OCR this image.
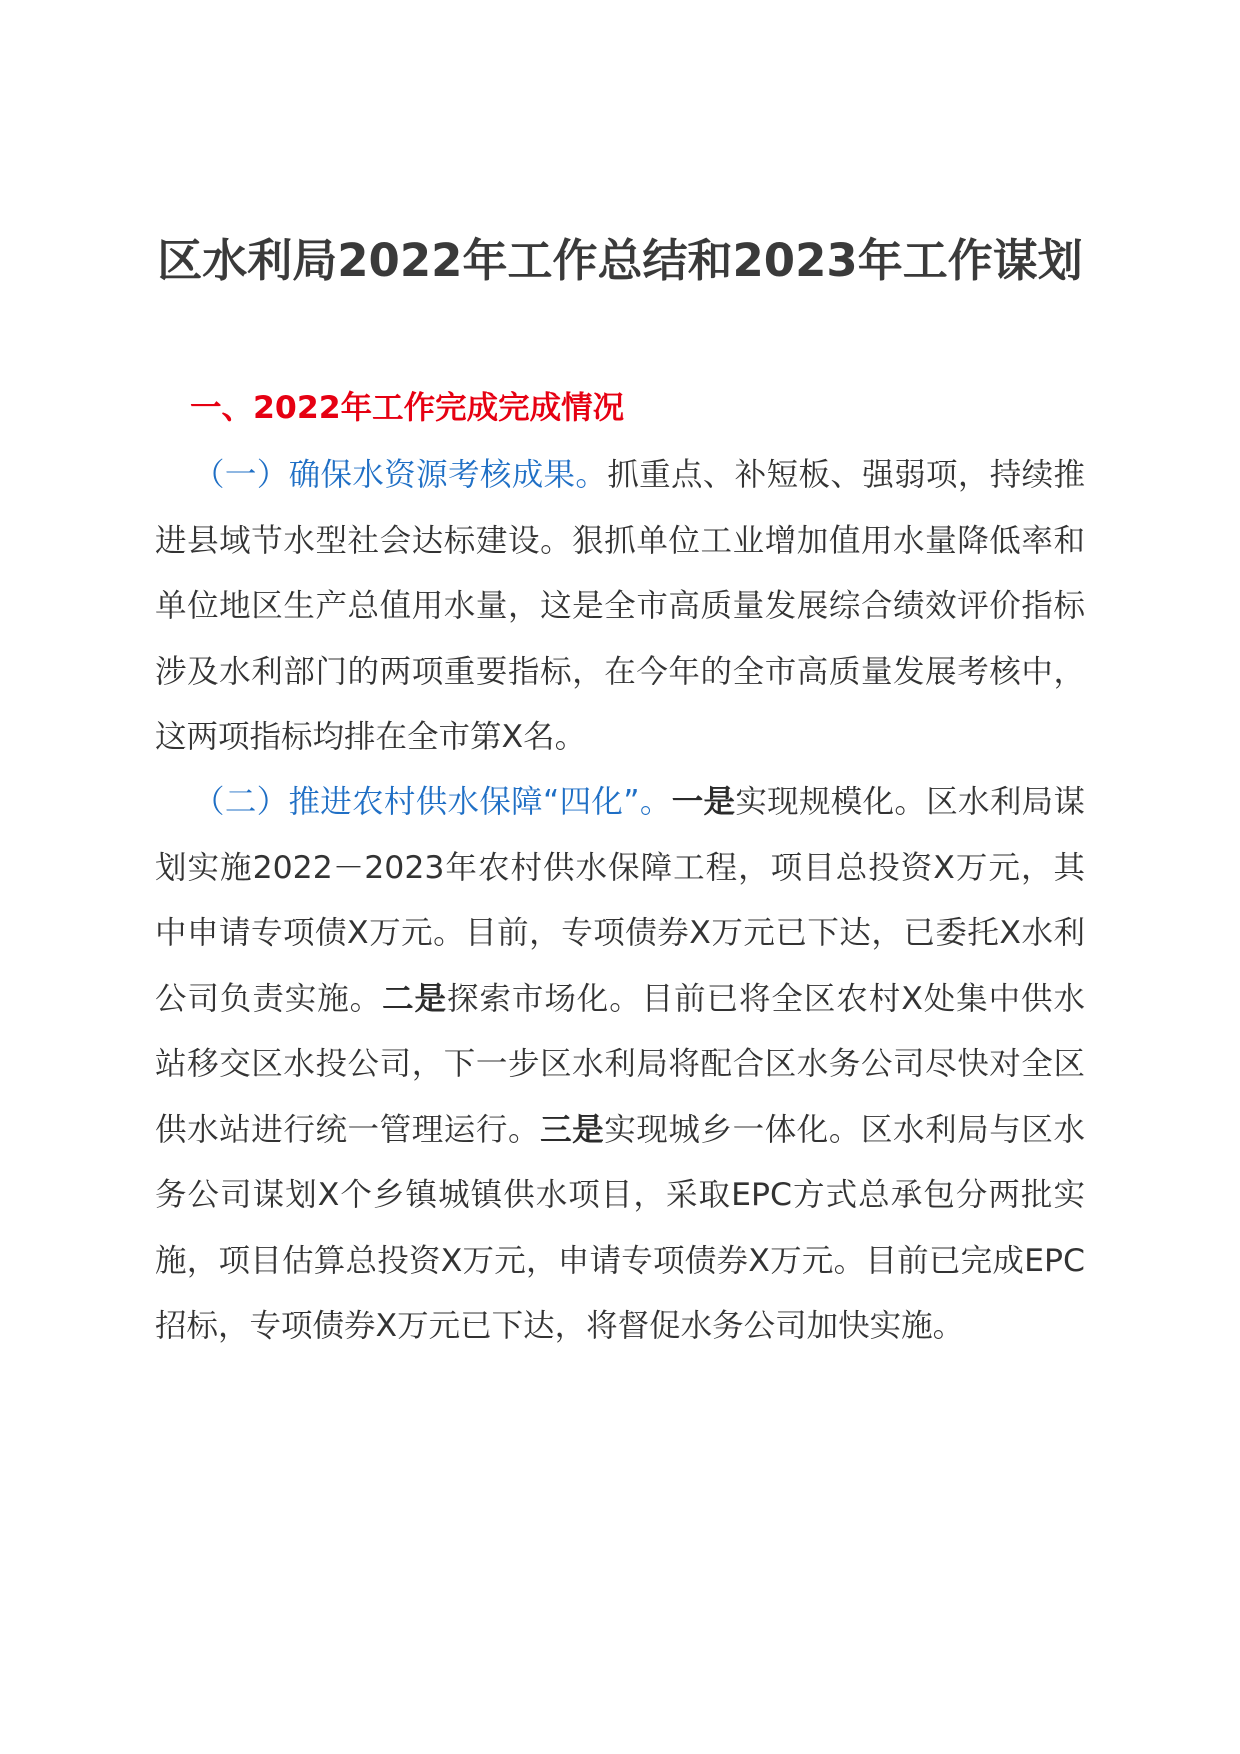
区水利局2022年工作总结和2023年工作谋划
一、2022年工作完成完成情况

（一）确保水资源考核成果。抓重点、补短板、强弱项，持续推进县域节水型社会达标建设。狠抓单位工业增加值用水量降低率和单位地区生产总值用水量，这是全市高质量发展综合绩效评价指标涉及水利部门的两项重要指标，在今年的全市高质量发展考核中，这两项指标均排在全市第X名。

（二）推进农村供水保障“四化”。一是实现规模化。区水利局谋划实施2022－2023年农村供水保障工程，项目总投资X万元，其中申请专项债X万元。目前，专项债券X万元已下达，已委托X水利公司负责实施。二是探索市场化。目前已将全区农村X处集中供水站移交区水投公司，下一步区水利局将配合区水务公司尽快对全区供水站进行统一管理运行。三是实现城乡一体化。区水利局与区水务公司谋划X个乡镇城镇供水项目，采取EPC方式总承包分两批实施，项目估算总投资X万元，申请专项债券X万元。目前已完成EPC招标，专项债券X万元已下达，将督促水务公司加快实施。
